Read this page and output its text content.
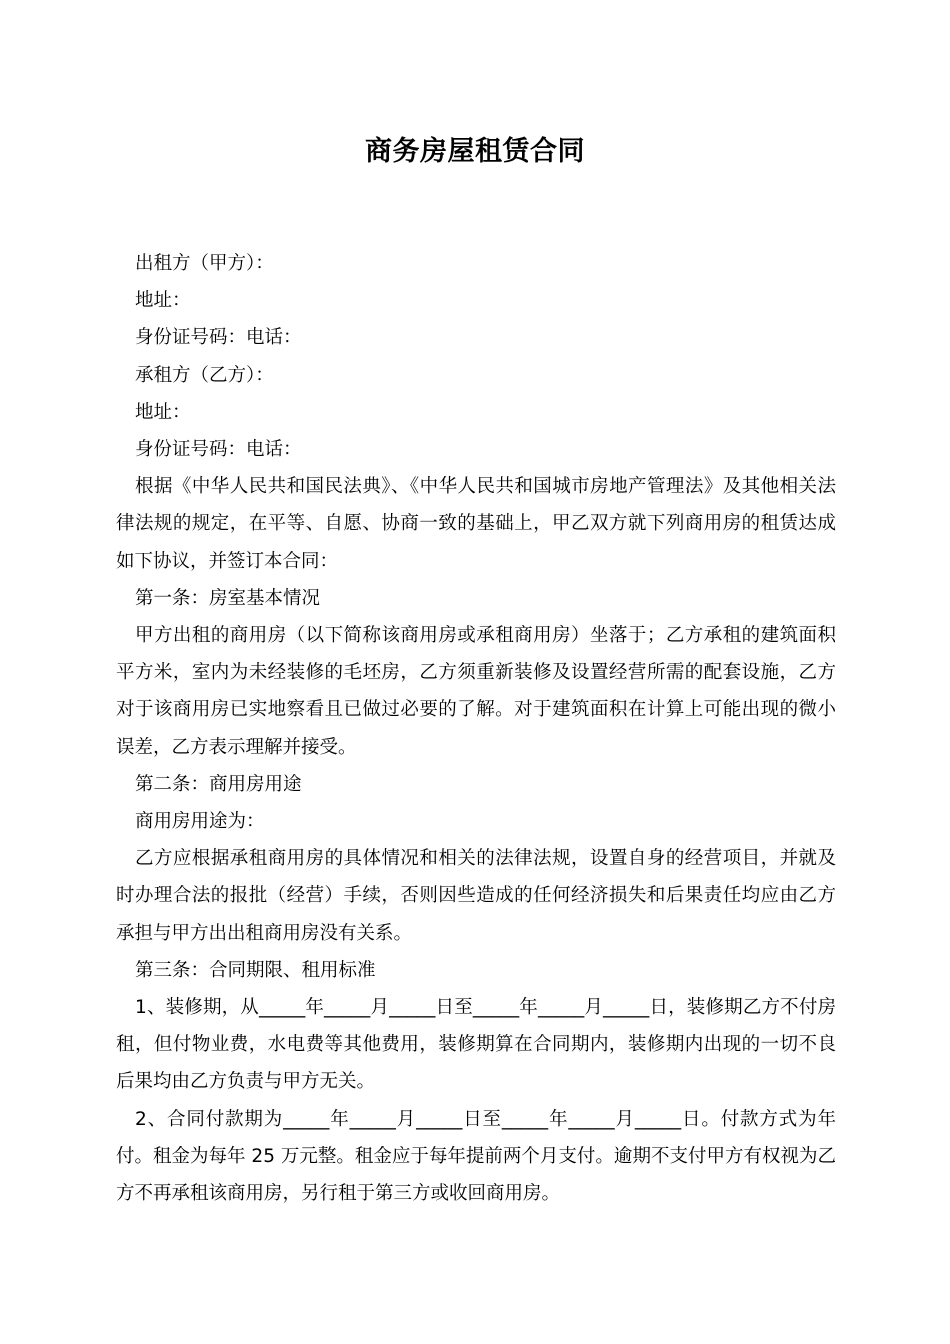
商务房屋租赁合同

出租方（甲方）：

地址：

身份证号码：电话：

承租方（乙方）：

地址：

身份证号码：电话：

根据《中华人民共和国民法典》、《中华人民共和国城市房地产管理法》及其他相关法律法规的规定，在平等、自愿、协商一致的基础上，甲乙双方就下列商用房的租赁达成如下协议，并签订本合同：

第一条：房室基本情况

甲方出租的商用房（以下简称该商用房或承租商用房）坐落于；乙方承租的建筑面积平方米，室内为未经装修的毛坯房，乙方须重新装修及设置经营所需的配套设施，乙方对于该商用房已实地察看且已做过必要的了解。对于建筑面积在计算上可能出现的微小误差，乙方表示理解并接受。

第二条：商用房用途

商用房用途为：

乙方应根据承租商用房的具体情况和相关的法律法规，设置自身的经营项目，并就及时办理合法的报批（经营）手续，否则因些造成的任何经济损失和后果责任均应由乙方承担与甲方出出租商用房没有关系。

第三条：合同期限、租用标准

1、装修期，从_____年_____月_____日至_____年_____月_____日，装修期乙方不付房租，但付物业费，水电费等其他费用，装修期算在合同期内，装修期内出现的一切不良后果均由乙方负责与甲方无关。

2、合同付款期为_____年_____月_____日至_____年_____月_____日。付款方式为年付。租金为每年 25 万元整。租金应于每年提前两个月支付。逾期不支付甲方有权视为乙方不再承租该商用房，另行租于第三方或收回商用房。
